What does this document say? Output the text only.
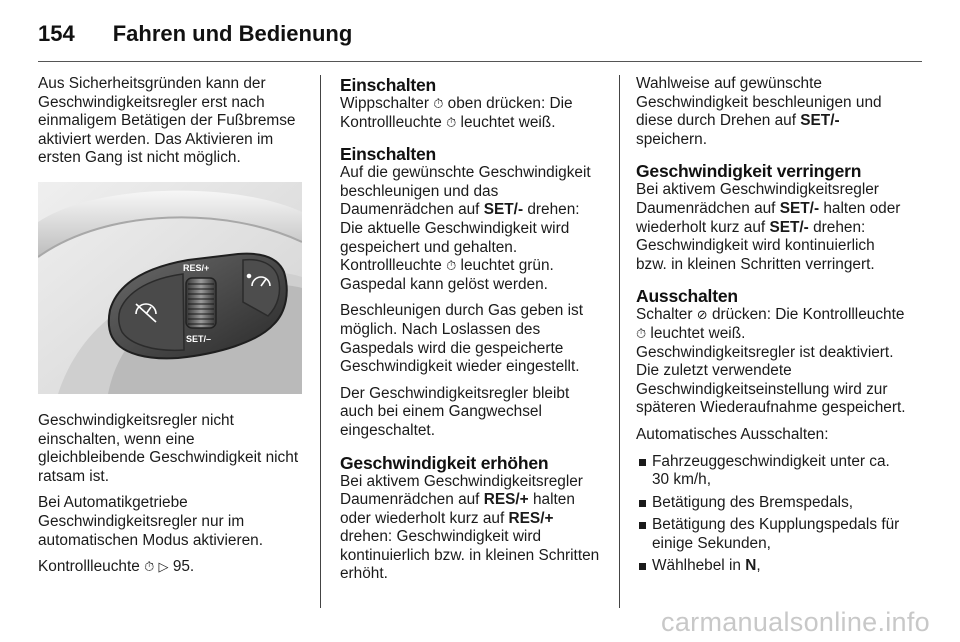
154 Fahren und Bedienung

Aus Sicherheitsgründen kann der Geschwindigkeitsregler erst nach einmaligem Betätigen der Fußbremse aktiviert werden. Das Aktivieren im ersten Gang ist nicht möglich.

RES/+
SET/–

Geschwindigkeitsregler nicht einschalten, wenn eine gleichbleibende Geschwindigkeit nicht ratsam ist.

Bei Automatikgetriebe Geschwindigkeitsregler nur im automatischen Modus aktivieren.

Kontrollleuchte ⏱ ▷ 95.

Einschalten

Wippschalter ⏱ oben drücken: Die Kontrollleuchte ⏱ leuchtet weiß.

Einschalten

Auf die gewünschte Geschwindigkeit beschleunigen und das Daumenrädchen auf SET/- drehen: Die aktuelle Geschwindigkeit wird gespeichert und gehalten. Kontrollleuchte ⏱ leuchtet grün. Gaspedal kann gelöst werden.

Beschleunigen durch Gas geben ist möglich. Nach Loslassen des Gaspedals wird die gespeicherte Geschwindigkeit wieder eingestellt.

Der Geschwindigkeitsregler bleibt auch bei einem Gangwechsel eingeschaltet.

Geschwindigkeit erhöhen

Bei aktivem Geschwindigkeitsregler Daumenrädchen auf RES/+ halten oder wiederholt kurz auf RES/+ drehen: Geschwindigkeit wird kontinuierlich bzw. in kleinen Schritten erhöht.

Wahlweise auf gewünschte Geschwindigkeit beschleunigen und diese durch Drehen auf SET/- speichern.

Geschwindigkeit verringern

Bei aktivem Geschwindigkeitsregler Daumenrädchen auf SET/- halten oder wiederholt kurz auf SET/- drehen: Geschwindigkeit wird kontinuierlich bzw. in kleinen Schritten verringert.

Ausschalten

Schalter ⊘ drücken: Die Kontrollleuchte ⏱ leuchtet weiß. Geschwindigkeitsregler ist deaktiviert. Die zuletzt verwendete Geschwindigkeitseinstellung wird zur späteren Wiederaufnahme gespeichert.

Automatisches Ausschalten:

Fahrzeuggeschwindigkeit unter ca. 30 km/h,
Betätigung des Bremspedals,
Betätigung des Kupplungspedals für einige Sekunden,
Wählhebel in N,
carmanualsonline.info
